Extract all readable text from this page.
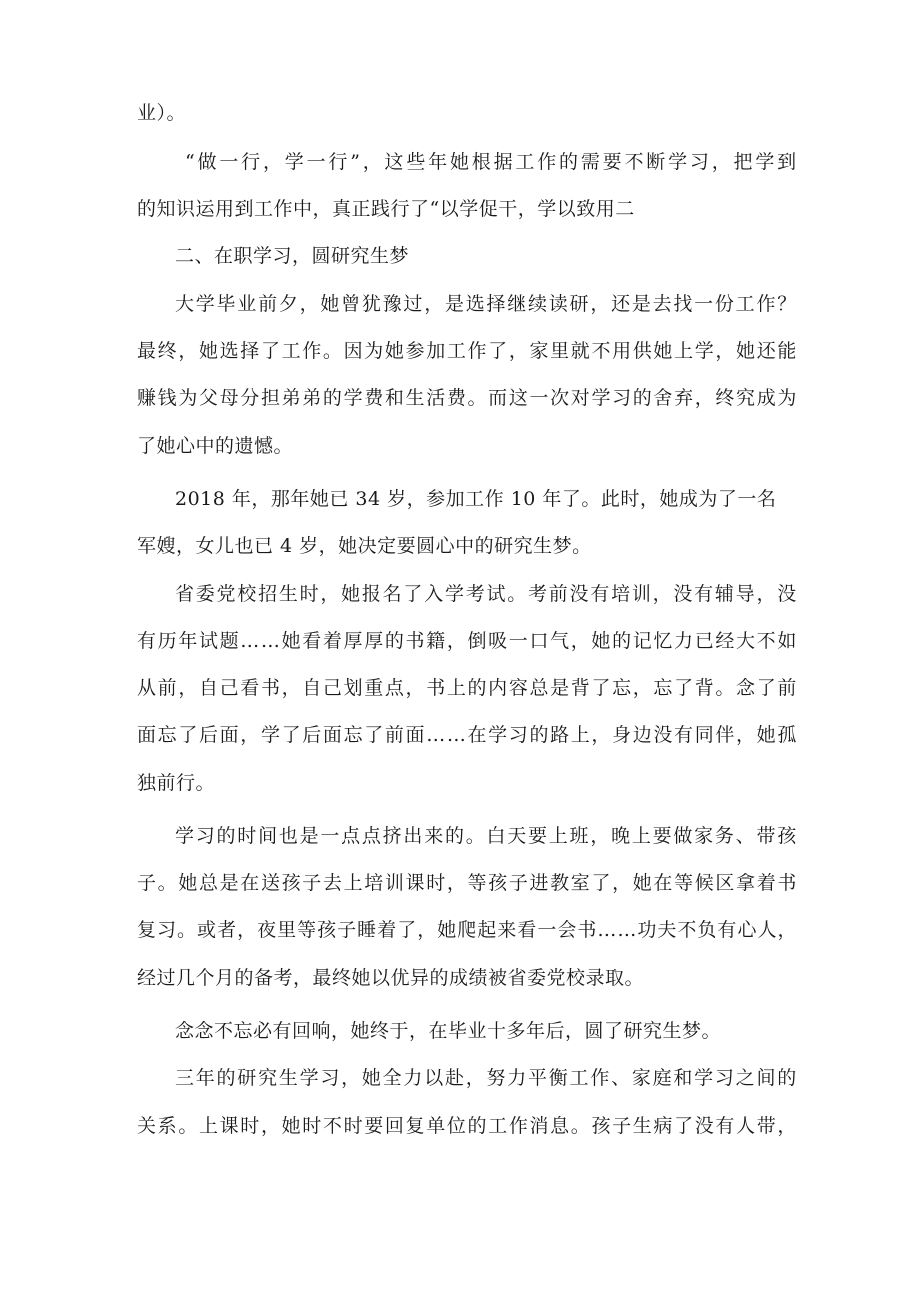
业）。
“ 做 一 行 ， 学 一 行 ” ， 这 些 年 她 根 据 工 作 的 需 要 不 断 学 习 ， 把 学 到
的知识运用到工作中，真正践行了“以学促干，学以致用二
二、在职学习，圆研究生梦
大 学 毕 业 前 夕 ， 她 曾 犹 豫 过 ， 是 选 择 继 续 读 研 ， 还 是 去 找 一 份 工 作 ？
最 终 ， 她 选 择 了 工 作 。 因 为 她 参 加 工 作 了 ， 家 里 就 不 用 供 她 上 学 ， 她 还 能
赚 钱 为 父 母 分 担 弟 弟 的 学 费 和 生 活 费 。 而 这 一 次 对 学 习 的 舍 弃 ， 终 究 成 为
了她心中的遗憾。
2018 年，那年她已 34 岁，参加工作 10 年了。此时，她成为了一名
军嫂，女儿也已 4 岁，她决定要圆心中的研究生梦。
省 委 党 校 招 生 时 ， 她 报 名 了 入 学 考 试 。 考 前 没 有 培 训 ， 没 有 辅 导 ， 没
有 历 年 试 题 … … 她 看 着 厚 厚 的 书 籍 ， 倒 吸 一 口 气 ， 她 的 记 忆 力 已 经 大 不 如
从 前 ， 自 己 看 书 ， 自 己 划 重 点 ， 书 上 的 内 容 总 是 背 了 忘 ， 忘 了 背 。 念 了 前
面 忘 了 后 面 ， 学 了 后 面 忘 了 前 面 … … 在 学 习 的 路 上 ， 身 边 没 有 同 伴 ， 她 孤
独前行。
学 习 的 时 间 也 是 一 点 点 挤 出 来 的 。 白 天 要 上 班 ， 晚 上 要 做 家 务 、 带 孩
子 。 她 总 是 在 送 孩 子 去 上 培 训 课 时 ， 等 孩 子 进 教 室 了 ， 她 在 等 候 区 拿 着 书
复 习 。 或 者 ， 夜 里 等 孩 子 睡 着 了 ， 她 爬 起 来 看 一 会 书 … … 功 夫 不 负 有 心 人 ，
经过几个月的备考，最终她以优异的成绩被省委党校录取。
念念不忘必有回响，她终于，在毕业十多年后，圆了研究生梦。
三 年 的 研 究 生 学 习 ， 她 全 力 以 赴 ， 努 力 平 衡 工 作 、 家 庭 和 学 习 之 间 的
关 系 。 上 课 时 ， 她 时 不 时 要 回 复 单 位 的 工 作 消 息 。 孩 子 生 病 了 没 有 人 带 ，
